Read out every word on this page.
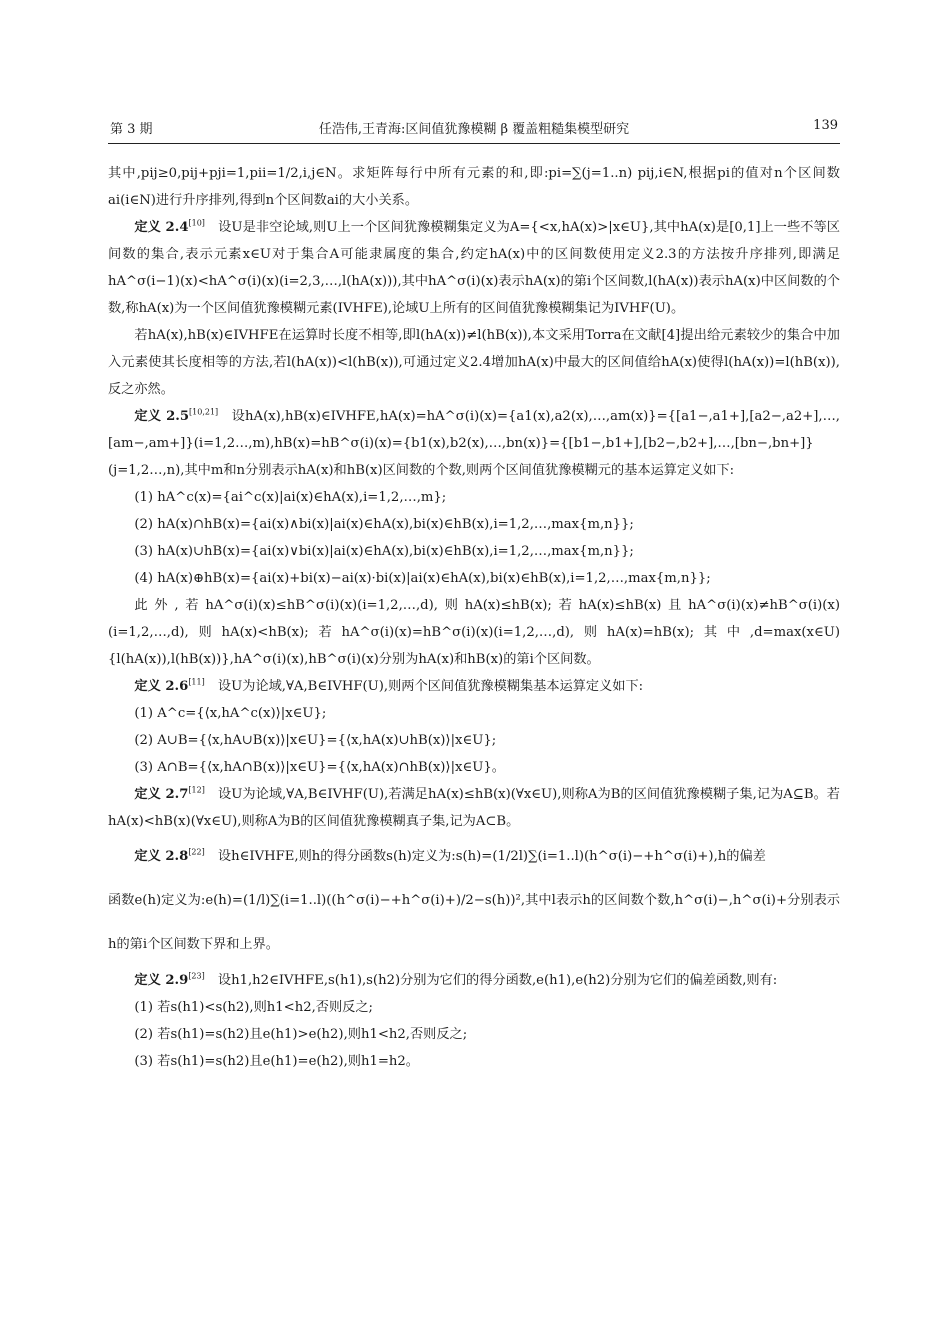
第 3 期	任浩伟,王青海:区间值犹豫模糊 β 覆盖粗糙集模型研究	139

其中,pij≥0,pij+pji=1,pii=1/2,i,j∈N。求矩阵每行中所有元素的和,即:pi=∑(j=1..n) pij,i∈N,根据pi的值对n个区间数ai(i∈N)进行升序排列,得到n个区间数ai的大小关系。

定义 2.4[10]  设U是非空论域,则U上一个区间犹豫模糊集定义为A={<x,hA(x)>|x∈U},其中hA(x)是[0,1]上一些不等区间数的集合,表示元素x∈U对于集合A可能隶属度的集合,约定hA(x)中的区间数使用定义2.3的方法按升序排列,即满足hA^σ(i−1)(x)<hA^σ(i)(x)(i=2,3,…,l(hA(x))),其中hA^σ(i)(x)表示hA(x)的第i个区间数,l(hA(x))表示hA(x)中区间数的个数,称hA(x)为一个区间值犹豫模糊元素(IVHFE),论域U上所有的区间值犹豫模糊集记为IVHF(U)。

若hA(x),hB(x)∈IVHFE在运算时长度不相等,即l(hA(x))≠l(hB(x)),本文采用Torra在文献[4]提出给元素较少的集合中加入元素使其长度相等的方法,若l(hA(x))<l(hB(x)),可通过定义2.4增加hA(x)中最大的区间值给hA(x)使得l(hA(x))=l(hB(x)),反之亦然。

定义 2.5[10,21]  设hA(x),hB(x)∈IVHFE,hA(x)=hA^σ(i)(x)={a1(x),a2(x),…,am(x)}={[a1−,a1+],[a2−,a2+],…,[am−,am+]}(i=1,2…,m),hB(x)=hB^σ(i)(x)={b1(x),b2(x),…,bn(x)}={[b1−,b1+],[b2−,b2+],…,[bn−,bn+]}(j=1,2…,n),其中m和n分别表示hA(x)和hB(x)区间数的个数,则两个区间值犹豫模糊元的基本运算定义如下:

(1) hA^c(x)={ai^c(x)|ai(x)∈hA(x),i=1,2,…,m};

(2) hA(x)∩hB(x)={ai(x)∧bi(x)|ai(x)∈hA(x),bi(x)∈hB(x),i=1,2,…,max{m,n}};

(3) hA(x)∪hB(x)={ai(x)∨bi(x)|ai(x)∈hA(x),bi(x)∈hB(x),i=1,2,…,max{m,n}};

(4) hA(x)⊕hB(x)={ai(x)+bi(x)−ai(x)·bi(x)|ai(x)∈hA(x),bi(x)∈hB(x),i=1,2,…,max{m,n}};

此外,若hA^σ(i)(x)≤hB^σ(i)(x)(i=1,2,…,d),则hA(x)≤hB(x);若hA(x)≤hB(x)且hA^σ(i)(x)≠hB^σ(i)(x)(i=1,2,…,d),则hA(x)<hB(x);若hA^σ(i)(x)=hB^σ(i)(x)(i=1,2,…,d),则hA(x)=hB(x);其中,d=max(x∈U){l(hA(x)),l(hB(x))},hA^σ(i)(x),hB^σ(i)(x)分别为hA(x)和hB(x)的第i个区间数。

定义 2.6[11]  设U为论域,∀A,B∈IVHF(U),则两个区间值犹豫模糊集基本运算定义如下:

(1) A^c={⟨x,hA^c(x)⟩|x∈U};

(2) A∪B={⟨x,hA∪B(x)⟩|x∈U}={⟨x,hA(x)∪hB(x)⟩|x∈U};

(3) A∩B={⟨x,hA∩B(x)⟩|x∈U}={⟨x,hA(x)∩hB(x)⟩|x∈U}。

定义 2.7[12]  设U为论域,∀A,B∈IVHF(U),若满足hA(x)≤hB(x)(∀x∈U),则称A为B的区间值犹豫模糊子集,记为A⊆B。若hA(x)<hB(x)(∀x∈U),则称A为B的区间值犹豫模糊真子集,记为A⊂B。

定义 2.8[22]  设h∈IVHFE,则h的得分函数s(h)定义为:s(h)=(1/2l)∑(i=1..l)(h^σ(i)−+h^σ(i)+),h的偏差

函数e(h)定义为:e(h)=(1/l)∑(i=1..l)((h^σ(i)−+h^σ(i)+)/2−s(h))²,其中l表示h的区间数个数,h^σ(i)−,h^σ(i)+分别表示h的第i个区间数下界和上界。

定义 2.9[23]  设h1,h2∈IVHFE,s(h1),s(h2)分别为它们的得分函数,e(h1),e(h2)分别为它们的偏差函数,则有:

(1) 若s(h1)<s(h2),则h1<h2,否则反之;

(2) 若s(h1)=s(h2)且e(h1)>e(h2),则h1<h2,否则反之;

(3) 若s(h1)=s(h2)且e(h1)=e(h2),则h1=h2。
